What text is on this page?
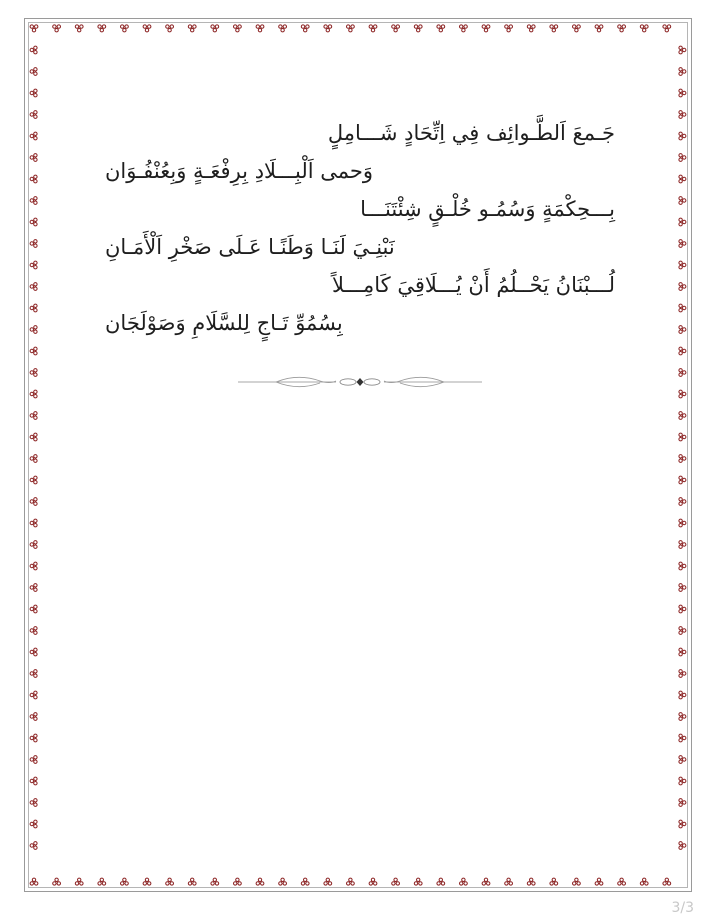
جَـمعَ اَلطَّـوائِف فِي اِتِّحَادٍ شَـــامِلٍ

وَحمى اَلْبِـــلَادِ بِرِفْعَـةٍ وَبِعُنْفُـوَان

بِـــحِكْمَةٍ وَسُمُـو خُلْـقٍ شِئْتَنَـــا

نَبْنِـيَ لَنَـا وَطَنًـا عَـلَى صَخْرِ اَلْأَمَـانِ

لُـــبْنَانُ يَحْــلُمُ أَنْ يُـــلَاقِيَ كَامِـــلاً

بِسُمُوِّ تَـاجٍ لِلسَّلَامِ وَصَوْلَجَان

3/3
